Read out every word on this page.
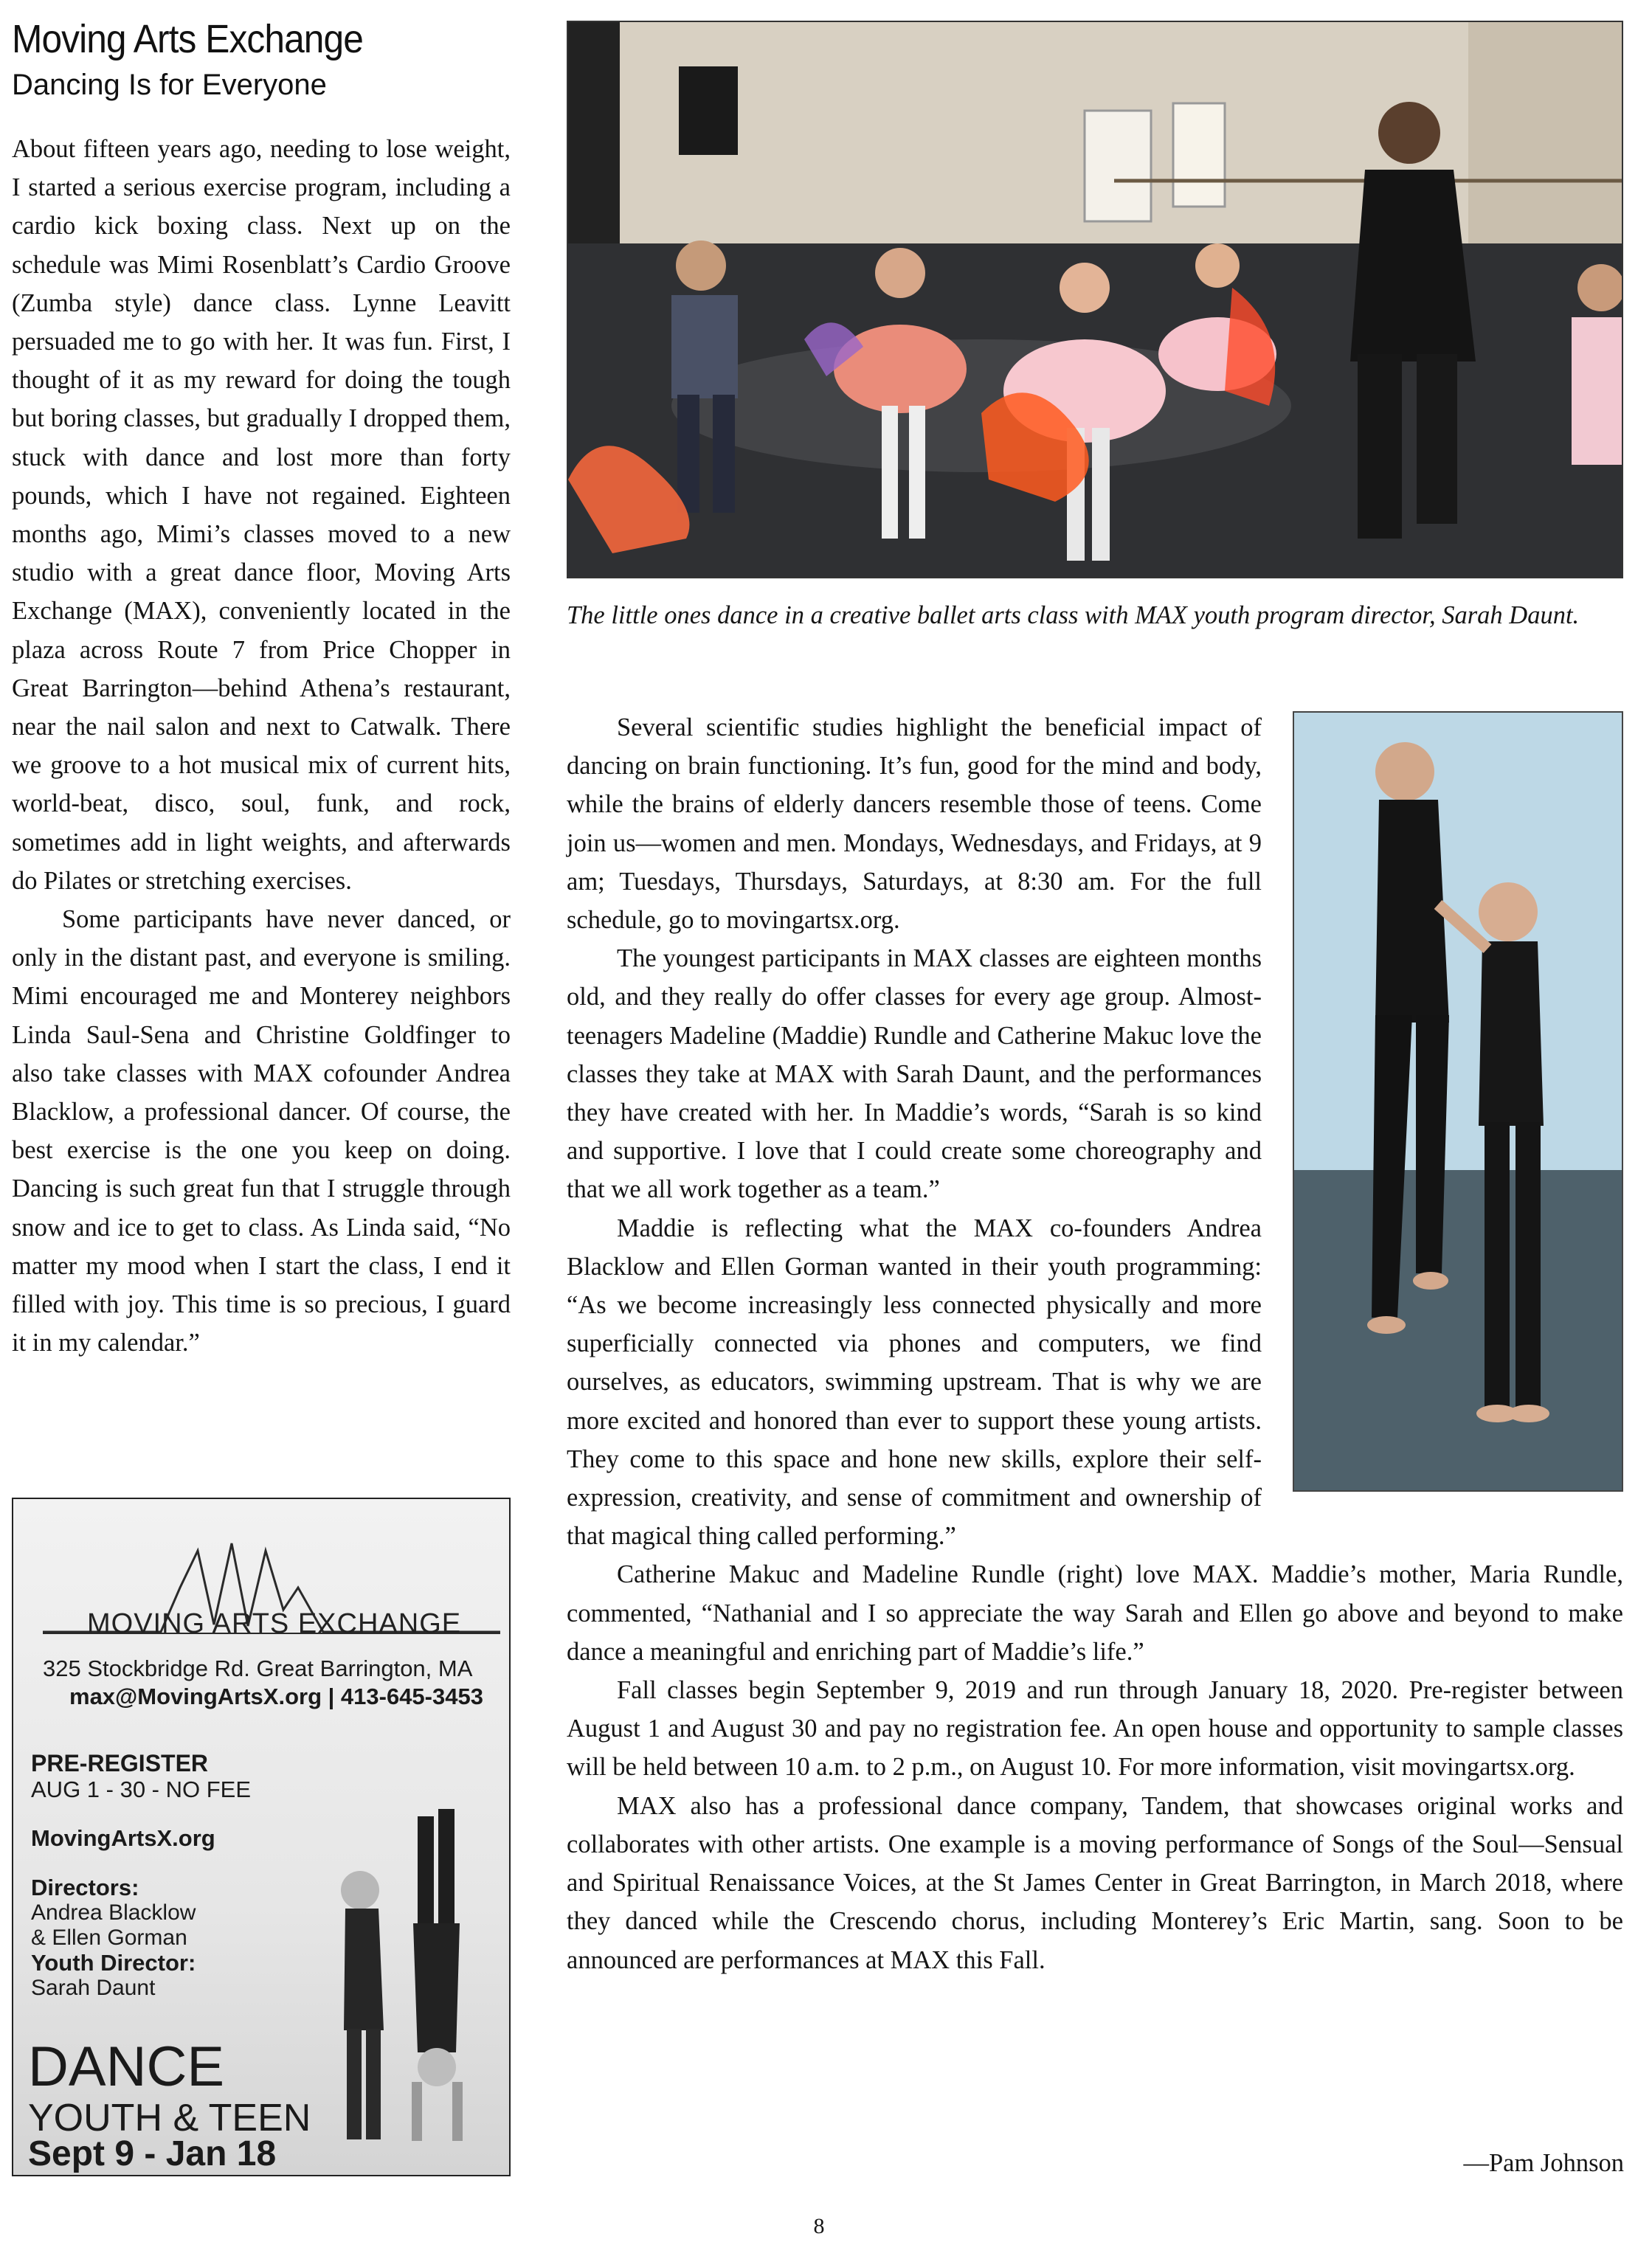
Moving Arts Exchange
Dancing Is for Everyone

About fifteen years ago, needing to lose weight, I started a serious exercise program, including a cardio kick boxing class. Next up on the schedule was Mimi Rosenblatt’s Cardio Groove (Zumba style) dance class. Lynne Leavitt persuaded me to go with her. It was fun. First, I thought of it as my reward for doing the tough but boring classes, but gradually I dropped them, stuck with dance and lost more than forty pounds, which I have not regained. Eighteen months ago, Mimi’s classes moved to a new studio with a great dance floor, Moving Arts Exchange (MAX), conveniently located in the plaza across Route 7 from Price Chopper in Great Barrington—behind Athena’s restaurant, near the nail salon and next to Catwalk. There we groove to a hot musical mix of current hits, world-beat, disco, soul, funk, and rock, sometimes add in light weights, and afterwards do Pilates or stretching exercises.

Some participants have never danced, or only in the distant past, and everyone is smiling. Mimi encouraged me and Monterey neighbors Linda Saul-Sena and Christine Goldfinger to also take classes with MAX cofounder Andrea Blacklow, a professional dancer. Of course, the best exercise is the one you keep on doing. Dancing is such great fun that I struggle through snow and ice to get to class. As Linda said, “No matter my mood when I start the class, I end it filled with joy. This time is so precious, I guard it in my calendar.”

The little ones dance in a creative ballet arts class with MAX youth program director, Sarah Daunt.

Several scientific studies highlight the beneficial impact of dancing on brain functioning. It’s fun, good for the mind and body, while the brains of elderly dancers resemble those of teens. Come join us—women and men. Mondays, Wednesdays, and Fridays, at 9 am; Tuesdays, Thursdays, Saturdays, at 8:30 am. For the full schedule, go to movingartsx.org.

The youngest participants in MAX classes are eighteen months old, and they really do offer classes for every age group. Almost-teenagers Madeline (Maddie) Rundle and Catherine Makuc love the classes they take at MAX with Sarah Daunt, and the performances they have created with her. In Maddie’s words, “Sarah is so kind and supportive. I love that I could create some choreography and that we all work together as a team.”

Maddie is reflecting what the MAX co-founders Andrea Blacklow and Ellen Gorman wanted in their youth programming: “As we become increasingly less connected physically and more superficially connected via phones and computers, we find ourselves, as educators, swimming upstream. That is why we are more excited and honored than ever to support these young artists. They come to this space and hone new skills, explore their self-expression, creativity, and sense of commitment and ownership of that magical thing called performing.”

Catherine Makuc and Madeline Rundle (right) love MAX. Maddie’s mother, Maria Rundle, commented, “Nathanial and I so appreciate the way Sarah and Ellen go above and beyond to make dance a meaningful and enriching part of Maddie’s life.”

Fall classes begin September 9, 2019 and run through January 18, 2020. Pre-register between August 1 and August 30 and pay no registration fee. An open house and opportunity to sample classes will be held between 10 a.m. to 2 p.m., on August 10. For more information, visit movingartsx.org.

MAX also has a professional dance company, Tandem, that showcases original works and collaborates with other artists. One example is a moving performance of Songs of the Soul—Sensual and Spiritual Renaissance Voices, at the St James Center in Great Barrington, in March 2018, where they danced while the Crescendo chorus, including Monterey’s Eric Martin, sang. Soon to be announced are performances at MAX this Fall.

—Pam Johnson
MOVING ARTS EXCHANGE
325 Stockbridge Rd. Great Barrington, MA
max@MovingArtsX.org | 413-645-3453
PRE-REGISTER
AUG 1 - 30 - NO FEE
MovingArtsX.org
Directors:
Andrea Blacklow
& Ellen Gorman
Youth Director:
Sarah Daunt
DANCE
YOUTH & TEEN
Sept 9 - Jan 18
8
